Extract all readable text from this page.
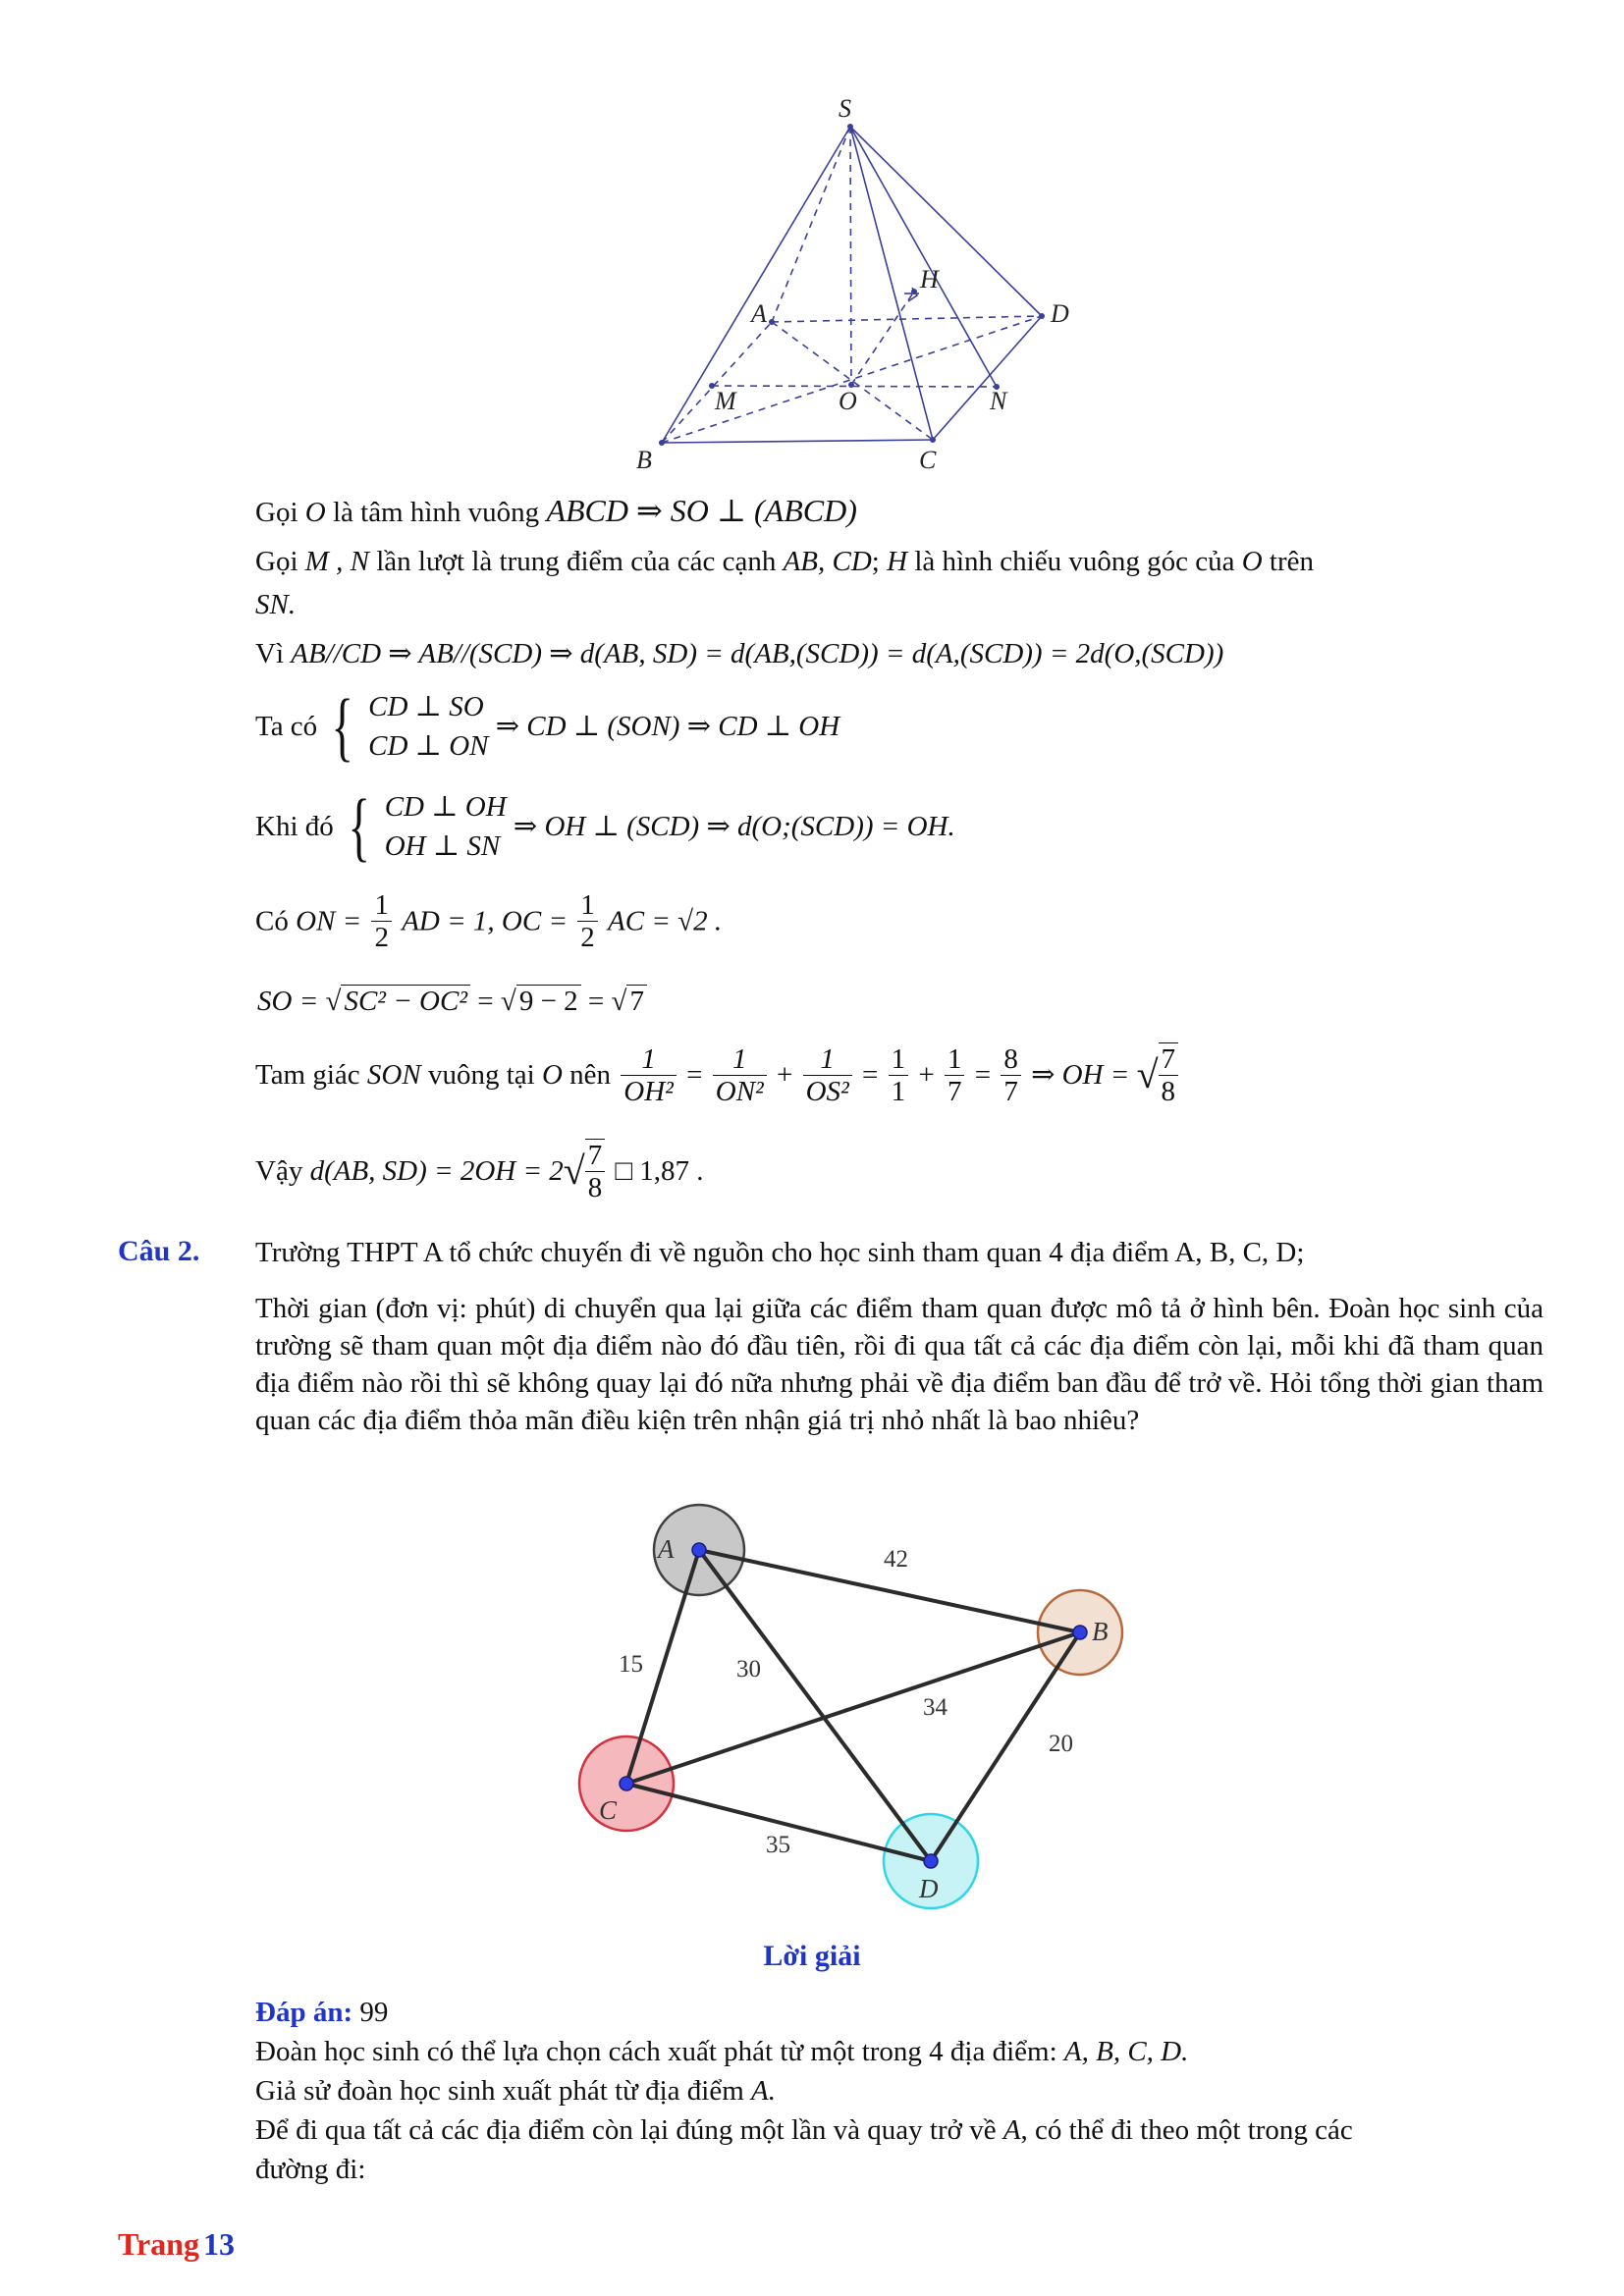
S
A	D
H
M	O	N
B	C
Gọi O là tâm hình vuông ABCD ⇒ SO ⊥ (ABCD)
Gọi M , N lần lượt là trung điểm của các cạnh AB, CD; H là hình chiếu vuông góc của O trên
SN.
Vì AB//CD ⇒ AB//(SCD) ⇒ d(AB, SD) = d(AB,(SCD)) = d(A,(SCD)) = 2d(O,(SCD))
Ta có { CD ⊥ SO
CD ⊥ ON
⇒ CD ⊥ (SON) ⇒ CD ⊥ OH
Khi đó { CD ⊥ OH
OH ⊥ SN
⇒ OH ⊥ (SCD) ⇒ d(O;(SCD)) = OH.
Có ON = $\frac{1}{2}$ AD = 1, OC = $\frac{1}{2}$ AC = √2 .
SO = √ SC² − OC² = √ 9 − 2 = √ 7
Tam giác SON vuông tại O nên $\frac{1}{\text{OH²}} = \frac{1}{\text{ON²}} + \frac{1}{\text{OS²}} = \frac{1}{1} + \frac{1}{7} = \frac{8}{7}$ ⇒ OH = √ $\frac{7}{8}$
Vậy d(AB, $SD) = 2OH = 2√ \frac{7}{8}$ □ 1,87 .
Câu 2. Trường THPT A tổ chức chuyến đi về nguồn cho học sinh tham quan 4 địa điểm A, B, C, D;
Thời gian (đơn vị: phút) di chuyển qua lại giữa các điểm tham quan được mô tả ở hình bên. Đoàn học sinh của trường sẽ tham quan một địa điểm nào đó đầu tiên, rồi đi qua tất cả các địa điểm còn lại, mỗi khi đã tham quan địa điểm nào rồi thì sẽ không quay lại đó nữa nhưng phải về địa điểm ban đầu để trở về. Hỏi tổng thời gian tham quan các địa điểm thỏa mãn điều kiện trên nhận giá trị nhỏ nhất là bao nhiêu?
A
B
C
D
42
15	30
34
20
35
Lời giải
Đáp án: 99
Đoàn học sinh có thể lựa chọn cách xuất phát từ một trong 4 địa điểm: A, B, C, D.
Giả sử đoàn học sinh xuất phát từ địa điểm A.
Để đi qua tất cả các địa điểm còn lại đúng một lần và quay trở về A, có thể đi theo một trong các
đường đi:
Trang 13
